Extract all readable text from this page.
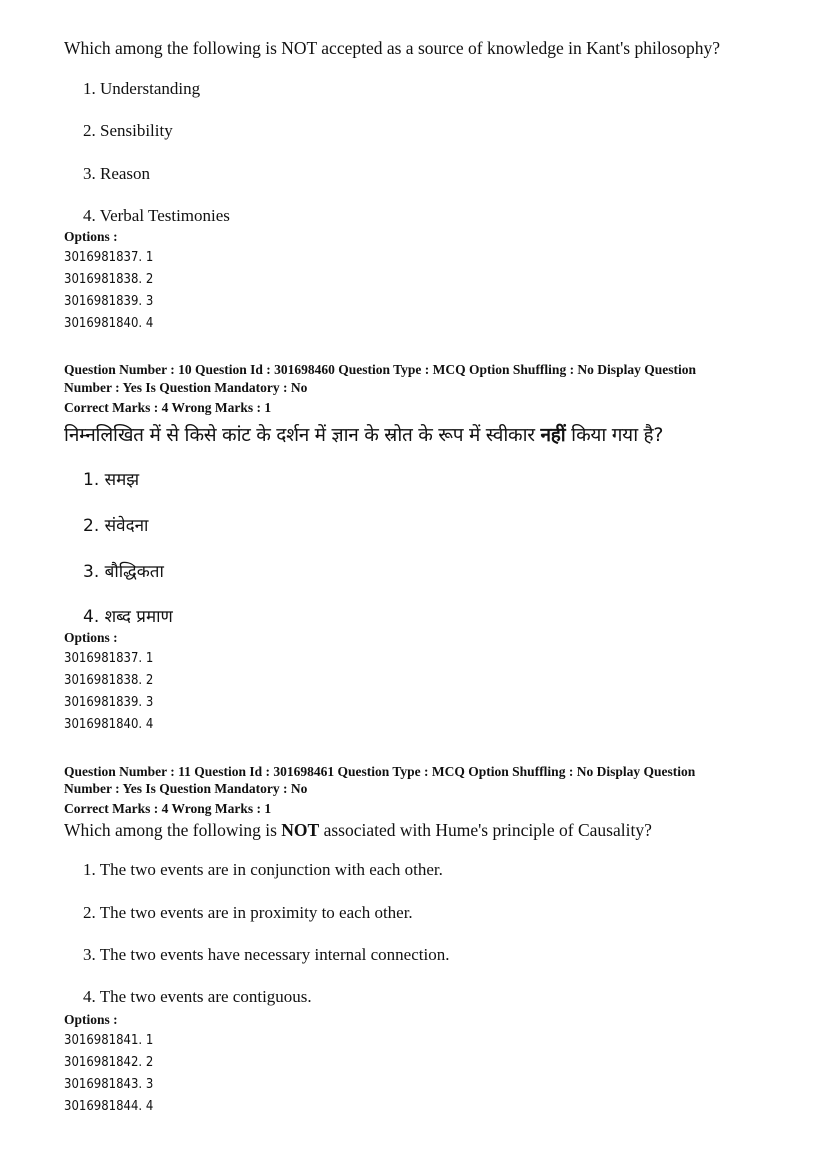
Which among the following is NOT accepted as a source of knowledge in Kant's philosophy?
1. Understanding
2. Sensibility
3. Reason
4. Verbal Testimonies
Options :
3016981837. 1
3016981838. 2
3016981839. 3
3016981840. 4
Question Number : 10 Question Id : 301698460 Question Type : MCQ Option Shuffling : No Display Question
Number : Yes Is Question Mandatory : No
Correct Marks : 4 Wrong Marks : 1
निम्नलिखित में से किसे कांट के दर्शन में ज्ञान के स्रोत के रूप में स्वीकार नहीं किया गया है?
1. समझ
2. संवेदना
3. बौद्धिकता
4. शब्द प्रमाण
Options :
3016981837. 1
3016981838. 2
3016981839. 3
3016981840. 4
Question Number : 11 Question Id : 301698461 Question Type : MCQ Option Shuffling : No Display Question
Number : Yes Is Question Mandatory : No
Correct Marks : 4 Wrong Marks : 1
Which among the following is NOT associated with Hume's principle of Causality?
1. The two events are in conjunction with each other.
2. The two events are in proximity to each other.
3. The two events have necessary internal connection.
4. The two events are contiguous.
Options :
3016981841. 1
3016981842. 2
3016981843. 3
3016981844. 4
